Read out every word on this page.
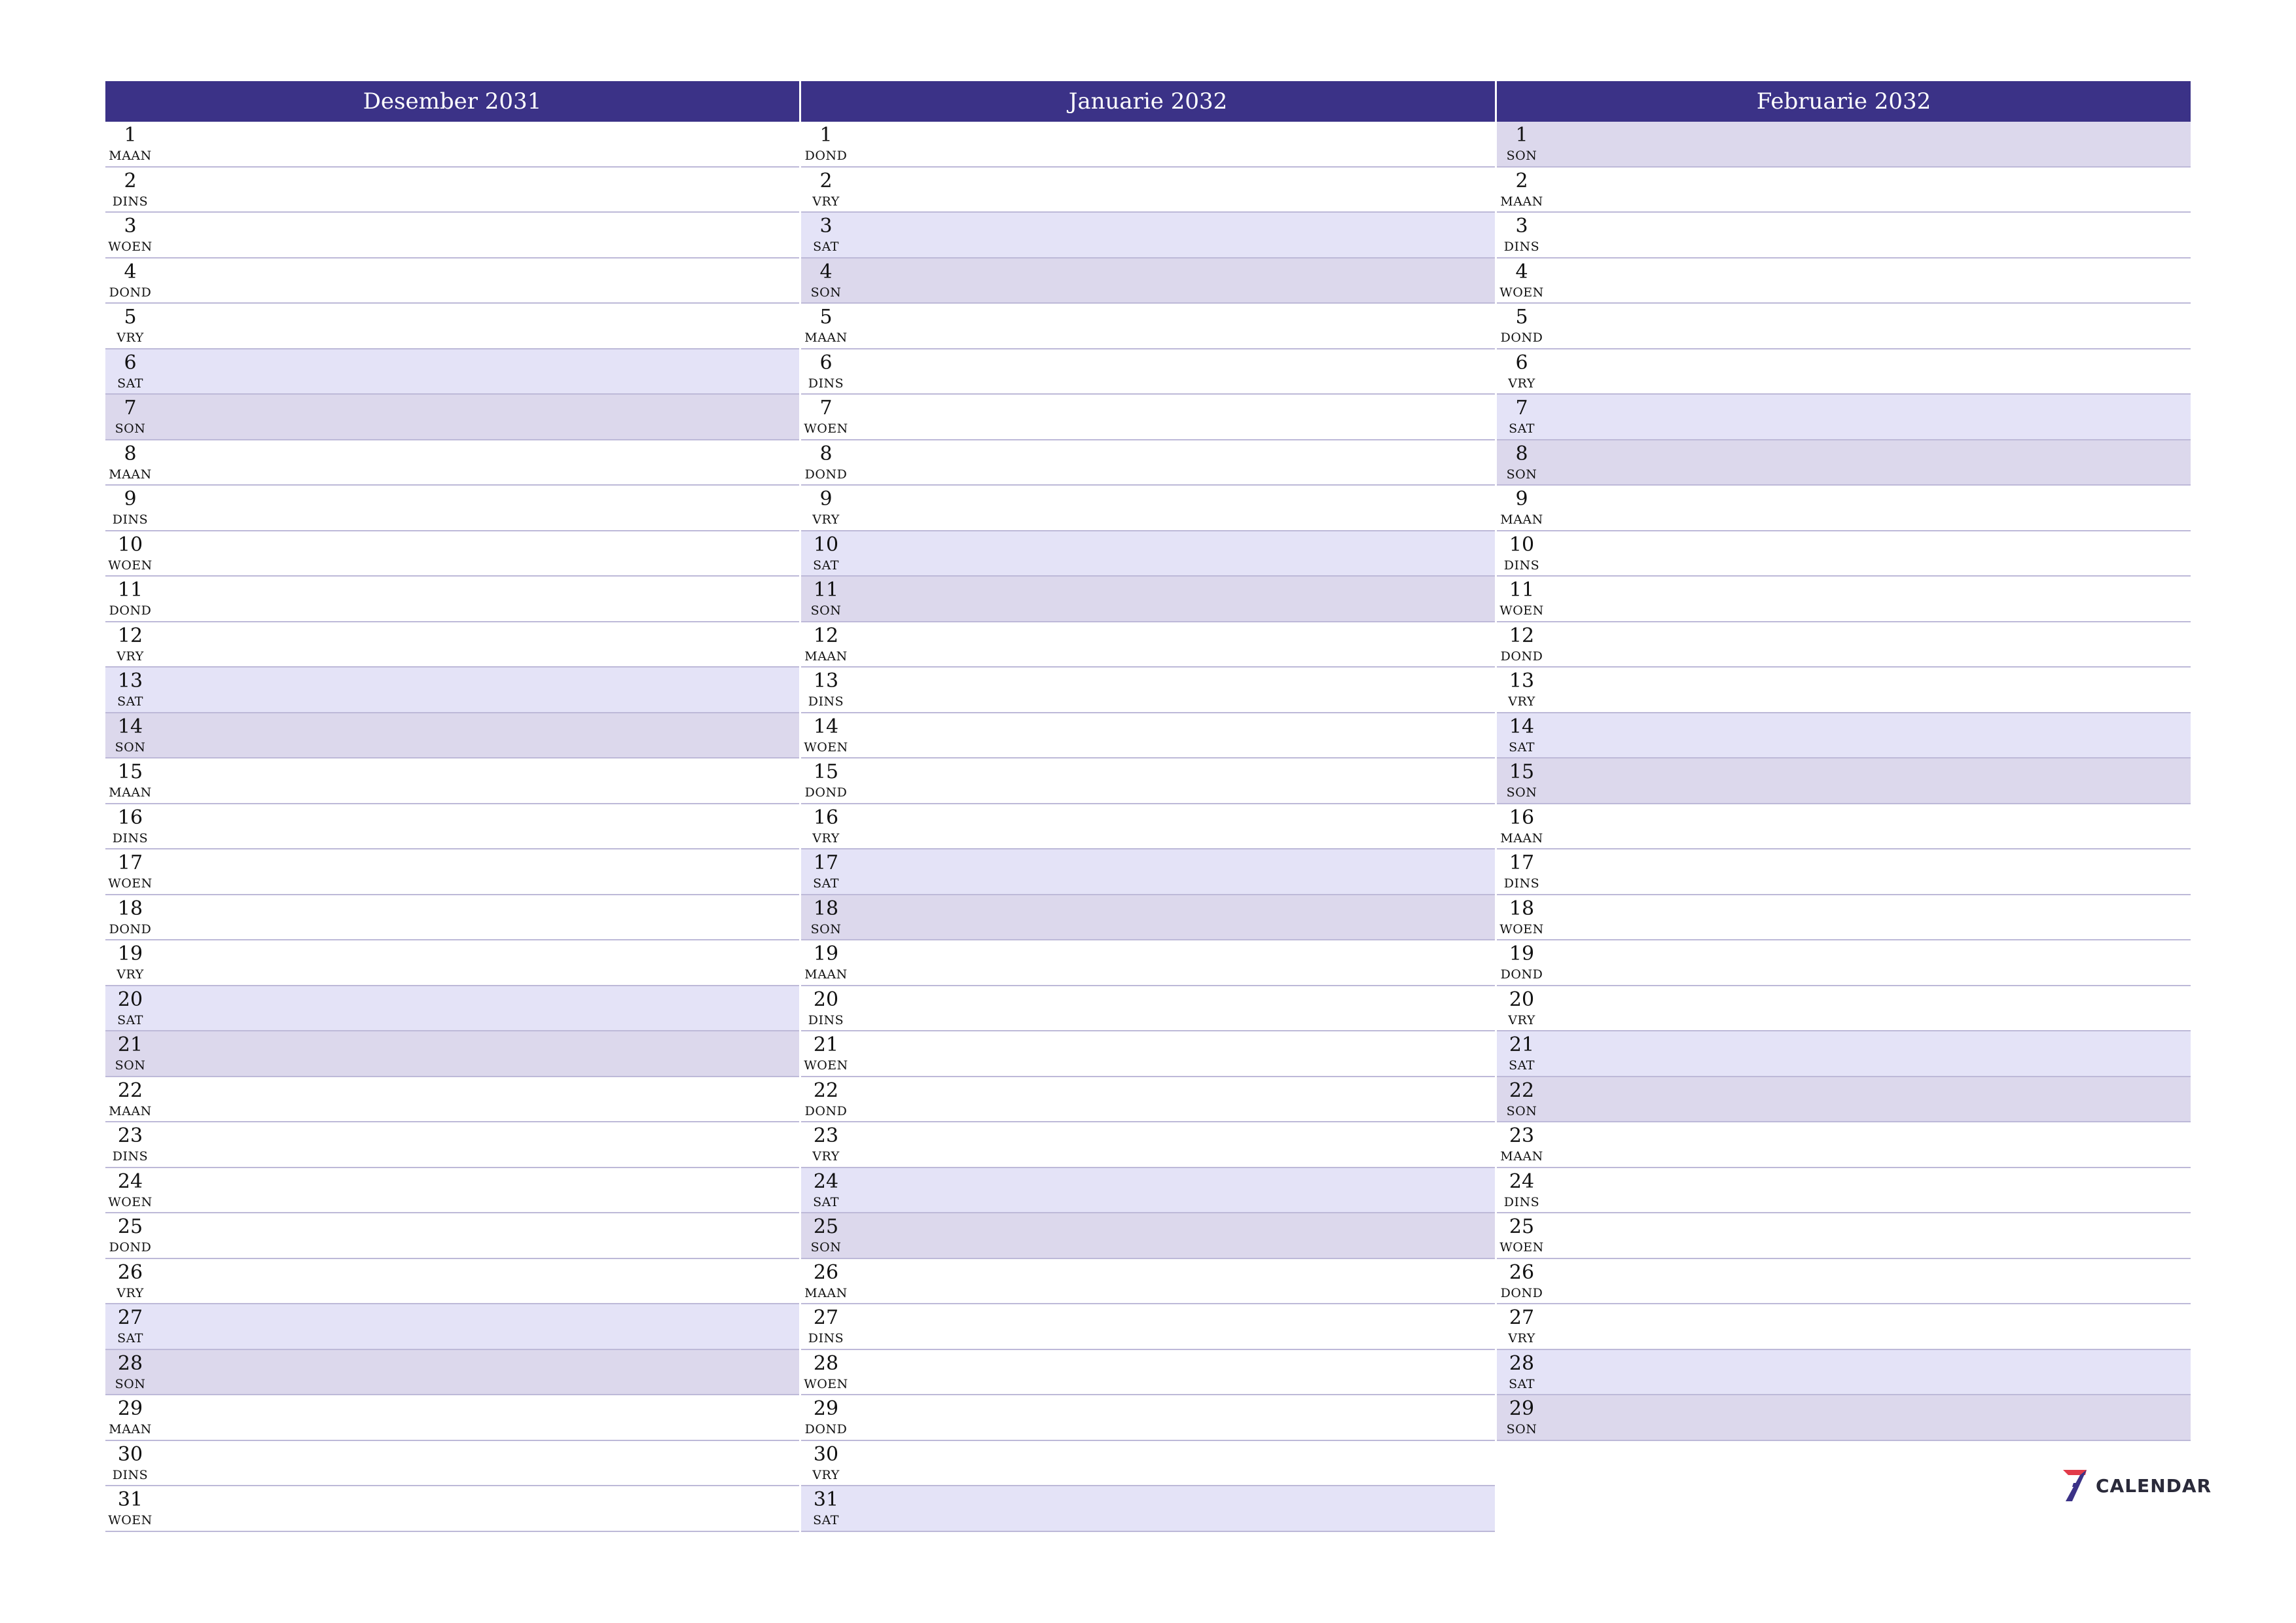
Desember 2031
1
MAAN
2
DINS
3
WOEN
4
DOND
5
VRY
6
SAT
7
SON
8
MAAN
9
DINS
10
WOEN
11
DOND
12
VRY
13
SAT
14
SON
15
MAAN
16
DINS
17
WOEN
18
DOND
19
VRY
20
SAT
21
SON
22
MAAN
23
DINS
24
WOEN
25
DOND
26
VRY
27
SAT
28
SON
29
MAAN
30
DINS
31
WOEN
Januarie 2032
1
DOND
2
VRY
3
SAT
4
SON
5
MAAN
6
DINS
7
WOEN
8
DOND
9
VRY
10
SAT
11
SON
12
MAAN
13
DINS
14
WOEN
15
DOND
16
VRY
17
SAT
18
SON
19
MAAN
20
DINS
21
WOEN
22
DOND
23
VRY
24
SAT
25
SON
26
MAAN
27
DINS
28
WOEN
29
DOND
30
VRY
31
SAT
Februarie 2032
1
SON
2
MAAN
3
DINS
4
WOEN
5
DOND
6
VRY
7
SAT
8
SON
9
MAAN
10
DINS
11
WOEN
12
DOND
13
VRY
14
SAT
15
SON
16
MAAN
17
DINS
18
WOEN
19
DOND
20
VRY
21
SAT
22
SON
23
MAAN
24
DINS
25
WOEN
26
DOND
27
VRY
28
SAT
29
SON
CALENDAR
